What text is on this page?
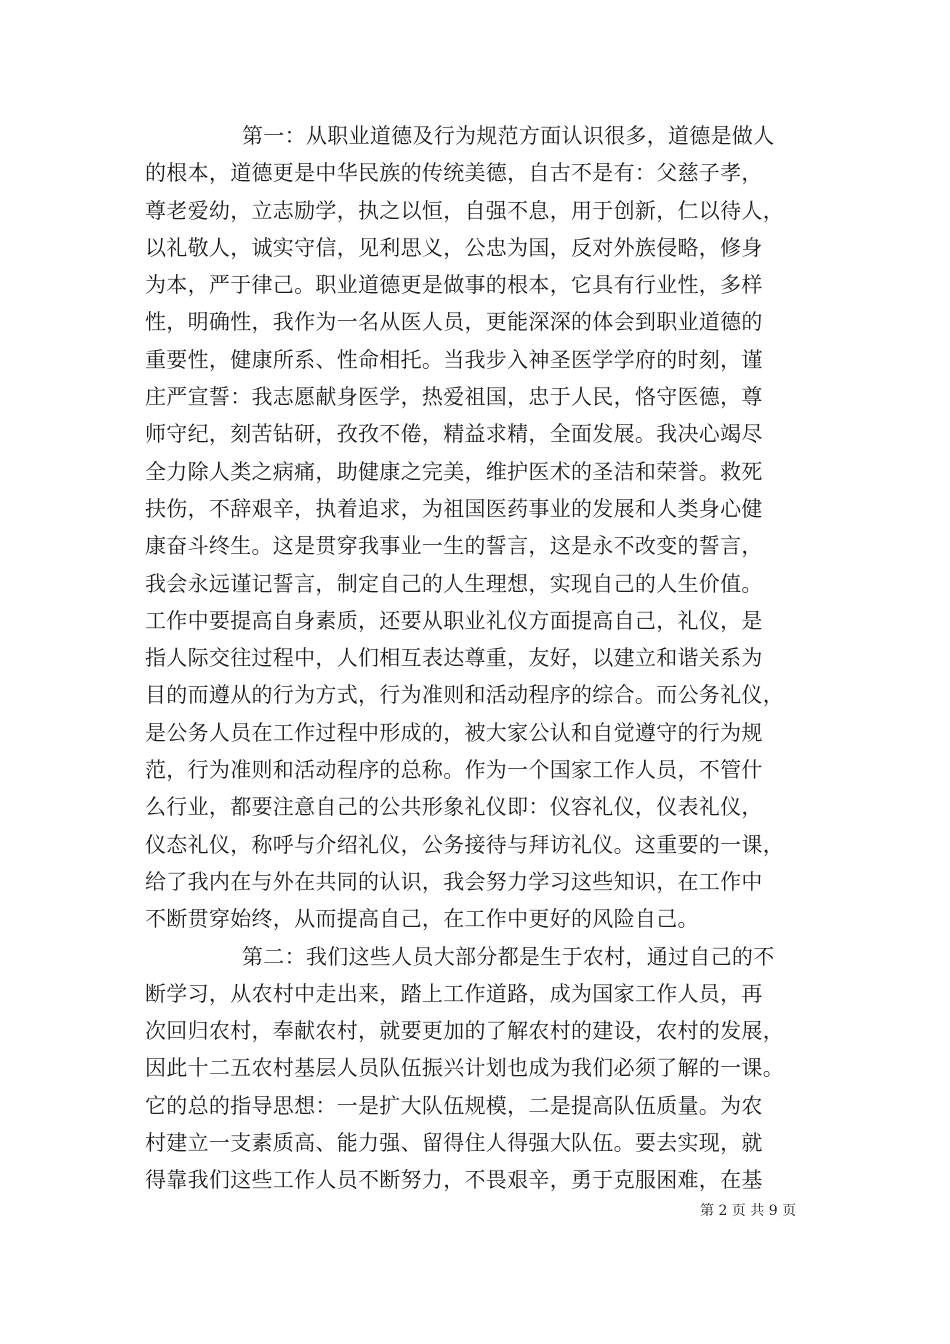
第一：从职业道德及行为规范方面认识很多，道德是做人
的根本，道德更是中华民族的传统美德，自古不是有：父慈子孝，
尊老爱幼，立志励学，执之以恒，自强不息，用于创新，仁以待人，
以礼敬人，诚实守信，见利思义，公忠为国，反对外族侵略，修身
为本，严于律己。职业道德更是做事的根本，它具有行业性，多样
性，明确性，我作为一名从医人员，更能深深的体会到职业道德的
重要性，健康所系、性命相托。当我步入神圣医学学府的时刻，谨
庄严宣誓：我志愿献身医学，热爱祖国，忠于人民，恪守医德，尊
师守纪，刻苦钻研，孜孜不倦，精益求精，全面发展。我决心竭尽
全力除人类之病痛，助健康之完美，维护医术的圣洁和荣誉。救死
扶伤，不辞艰辛，执着追求，为祖国医药事业的发展和人类身心健
康奋斗终生。这是贯穿我事业一生的誓言，这是永不改变的誓言，
我会永远谨记誓言，制定自己的人生理想，实现自己的人生价值。
工作中要提高自身素质，还要从职业礼仪方面提高自己，礼仪，是
指人际交往过程中，人们相互表达尊重，友好，以建立和谐关系为
目的而遵从的行为方式，行为准则和活动程序的综合。而公务礼仪，
是公务人员在工作过程中形成的，被大家公认和自觉遵守的行为规
范，行为准则和活动程序的总称。作为一个国家工作人员，不管什
么行业，都要注意自己的公共形象礼仪即：仪容礼仪，仪表礼仪，
仪态礼仪，称呼与介绍礼仪，公务接待与拜访礼仪。这重要的一课，
给了我内在与外在共同的认识，我会努力学习这些知识，在工作中
不断贯穿始终，从而提高自己，在工作中更好的风险自己。
第二：我们这些人员大部分都是生于农村，通过自己的不
断学习，从农村中走出来，踏上工作道路，成为国家工作人员，再
次回归农村，奉献农村，就要更加的了解农村的建设，农村的发展，
因此十二五农村基层人员队伍振兴计划也成为我们必须了解的一课。
它的总的指导思想：一是扩大队伍规模，二是提高队伍质量。为农
村建立一支素质高、能力强、留得住人得强大队伍。要去实现，就
得靠我们这些工作人员不断努力，不畏艰辛，勇于克服困难，在基
第 2 页 共 9 页
